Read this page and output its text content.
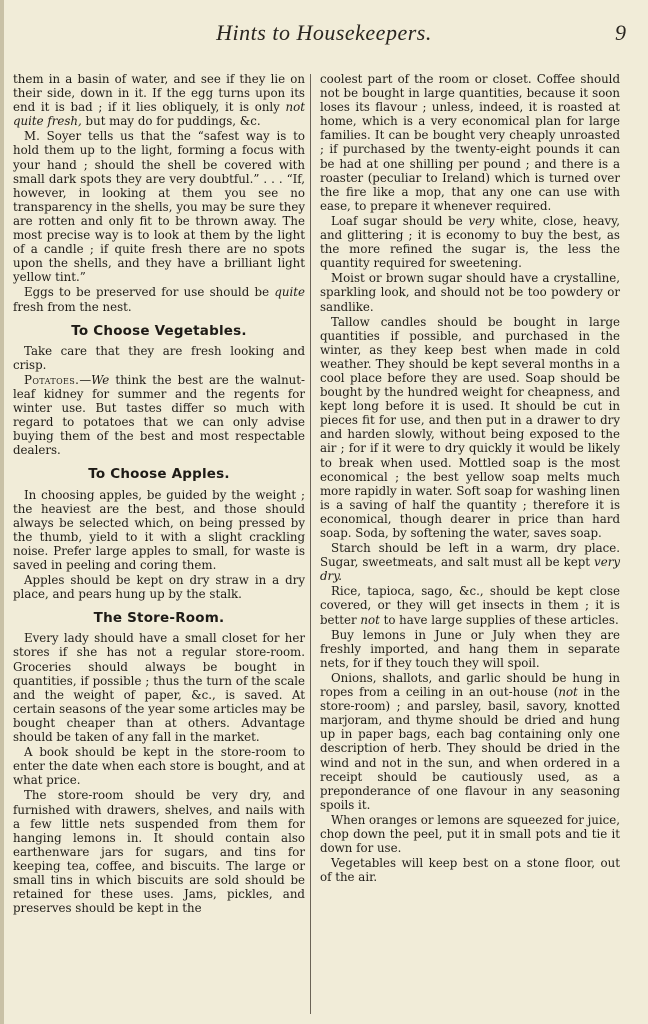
Hints to Housekeepers.	9

them in a basin of water, and see if they lie on their side, down in it. If the egg turns upon its end it is bad ; if it lies obliquely, it is only not quite fresh, but may do for puddings, &c.

M. Soyer tells us that the “safest way is to hold them up to the light, forming a focus with your hand ; should the shell be covered with small dark spots they are very doubtful.” . . . “If, however, in looking at them you see no transparency in the shells, you may be sure they are rotten and only fit to be thrown away. The most precise way is to look at them by the light of a candle ; if quite fresh there are no spots upon the shells, and they have a brilliant light yellow tint.”

Eggs to be preserved for use should be quite fresh from the nest.

To Choose Vegetables.

Take care that they are fresh looking and crisp.

Potatoes.—We think the best are the walnut-leaf kidney for summer and the regents for winter use. But tastes differ so much with regard to potatoes that we can only advise buying them of the best and most respectable dealers.

To Choose Apples.

In choosing apples, be guided by the weight ; the heaviest are the best, and those should always be selected which, on being pressed by the thumb, yield to it with a slight crackling noise. Prefer large apples to small, for waste is saved in peeling and coring them.

Apples should be kept on dry straw in a dry place, and pears hung up by the stalk.

The Store-Room.

Every lady should have a small closet for her stores if she has not a regular store-room. Groceries should always be bought in quantities, if possible ; thus the turn of the scale and the weight of paper, &c., is saved. At certain seasons of the year some articles may be bought cheaper than at others. Advantage should be taken of any fall in the market.

A book should be kept in the store-room to enter the date when each store is bought, and at what price.

The store-room should be very dry, and furnished with drawers, shelves, and nails with a few little nets suspended from them for hanging lemons in. It should contain also earthenware jars for sugars, and tins for keeping tea, coffee, and biscuits. The large or small tins in which biscuits are sold should be retained for these uses. Jams, pickles, and preserves should be kept in the

coolest part of the room or closet. Coffee should not be bought in large quantities, because it soon loses its flavour ; unless, indeed, it is roasted at home, which is a very economical plan for large families. It can be bought very cheaply unroasted ; if purchased by the twenty-eight pounds it can be had at one shilling per pound ; and there is a roaster (peculiar to Ireland) which is turned over the fire like a mop, that any one can use with ease, to prepare it whenever required.

Loaf sugar should be very white, close, heavy, and glittering ; it is economy to buy the best, as the more refined the sugar is, the less the quantity required for sweetening.

Moist or brown sugar should have a crystalline, sparkling look, and should not be too powdery or sandlike.

Tallow candles should be bought in large quantities if possible, and purchased in the winter, as they keep best when made in cold weather. They should be kept several months in a cool place before they are used. Soap should be bought by the hundred weight for cheapness, and kept long before it is used. It should be cut in pieces fit for use, and then put in a drawer to dry and harden slowly, without being exposed to the air ; for if it were to dry quickly it would be likely to break when used. Mottled soap is the most economical ; the best yellow soap melts much more rapidly in water. Soft soap for washing linen is a saving of half the quantity ; therefore it is economical, though dearer in price than hard soap. Soda, by softening the water, saves soap.

Starch should be left in a warm, dry place. Sugar, sweetmeats, and salt must all be kept very dry.

Rice, tapioca, sago, &c., should be kept close covered, or they will get insects in them ; it is better not to have large supplies of these articles.

Buy lemons in June or July when they are freshly imported, and hang them in separate nets, for if they touch they will spoil.

Onions, shallots, and garlic should be hung in ropes from a ceiling in an out-house (not in the store-room) ; and parsley, basil, savory, knotted marjoram, and thyme should be dried and hung up in paper bags, each bag containing only one description of herb. They should be dried in the wind and not in the sun, and when ordered in a receipt should be cautiously used, as a preponderance of one flavour in any seasoning spoils it.

When oranges or lemons are squeezed for juice, chop down the peel, put it in small pots and tie it down for use.

Vegetables will keep best on a stone floor, out of the air.
